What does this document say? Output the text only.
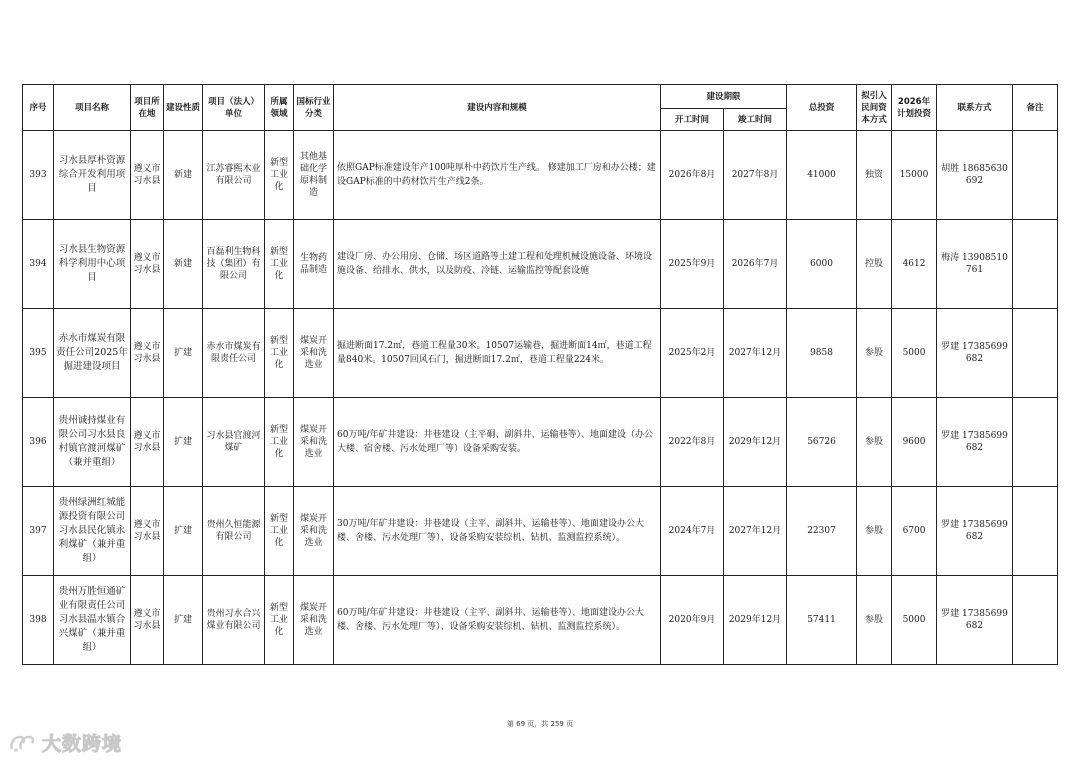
序号	项目名称	项目所在地	建设性质	项目（法人）单位	所属领域	国标行业分类	建设内容和规模	建设期限		总投资	拟引入民间资本方式	2026年计划投资	联系方式	备注
								开工时间	竣工时间					
393	习水县厚朴资源综合开发利用项目	遵义市习水县	新建	江苏睿熙木业有限公司	新型工业化	其他基础化学原料制造	依照GAP标准建设年产100吨厚朴中药饮片生产线。 修建加工厂房和办公楼；建设GAP标准的中药材饮片生产线2条。	2026年8月	2027年8月	41000	独资	15000	胡胜 18685630692	
394	习水县生物资源科学利用中心项目	遵义市习水县	新建	百磊利生物科技（集团）有限公司	新型工业化	生物药品制造	建设厂房、办公用房、仓储、场区道路等土建工程和处理机械设施设备、环境设施设备、给排水、供水，以及防疫、冷链、运输监控等配套设施	2025年9月	2026年7月	6000	控股	4612	梅涛 13908510761	
395	赤水市煤炭有限责任公司2025年掘进建设项目	遵义市习水县	扩建	赤水市煤炭有限责任公司	新型工业化	煤炭开采和洗选业	掘进断面17.2㎡，巷道工程量30米。10507运输巷，掘进断面14㎡，巷道工程量840米。10507回风石门，掘进断面17.2㎡，巷道工程量224米。	2025年2月	2027年12月	9858	参股	5000	罗建 17385699682	
396	贵州诚持煤业有限公司习水县良村镇官渡河煤矿（兼并重组）	遵义市习水县	扩建	习水县官渡河煤矿	新型工业化	煤炭开采和洗选业	60万吨/年矿井建设：井巷建设（主平硐、副斜井、运输巷等）、地面建设（办公大楼、宿舍楼、污水处理厂等）设备采购安装。	2022年8月	2029年12月	56726	参股	9600	罗建 17385699682	
397	贵州绿洲红城能源投资有限公司习水县民化镇永利煤矿（兼并重组）	遵义市习水县	扩建	贵州久恒能源有限公司	新型工业化	煤炭开采和洗选业	30万吨/年矿井建设：井巷建设（主平、副斜井、运输巷等）、地面建设办公大楼、舍楼、污水处理厂等）、设备采购安装综机、钻机、监测监控系统）。	2024年7月	2027年12月	22307	参股	6700	罗建 17385699682	
398	贵州万胜恒通矿业有限责任公司习水县温水镇合兴煤矿（兼并重组）	遵义市习水县	扩建	贵州习水合兴煤业有限公司	新型工业化	煤炭开采和洗选业	60万吨/年矿井建设：井巷建设（主平、副斜井、运输巷等）、地面建设办公大楼、舍楼、污水处理厂等）、设备采购安装综机、钻机、监测监控系统）。	2020年9月	2029年12月	57411	参股	5000	罗建 17385699682	
第 69 页，共 259 页
大数跨境
